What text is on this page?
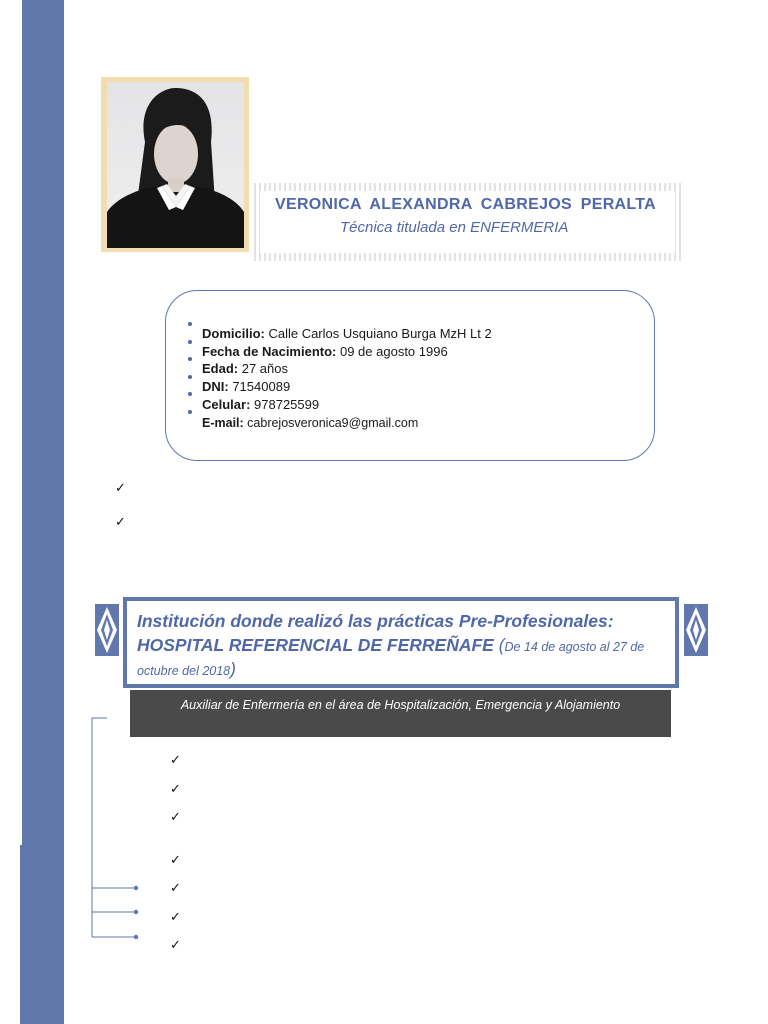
VERONICA ALEXANDRA CABREJOS PERALTA
Técnica titulada en ENFERMERIA
Domicilio: Calle Carlos Usquiano Burga MzH Lt 2
Fecha de Nacimiento: 09 de agosto 1996
Edad: 27 años
DNI: 71540089
Celular: 978725599
E-mail: cabrejosveronica9@gmail.com
✓
✓
Institución donde realizó las prácticas Pre-Profesionales:
HOSPITAL REFERENCIAL DE FERREÑAFE (De 14 de agosto al 27 de
octubre del 2018)
Auxiliar de Enfermería en el área de Hospitalización, Emergencia y Alojamiento
✓
✓
✓
✓
✓
✓
✓
